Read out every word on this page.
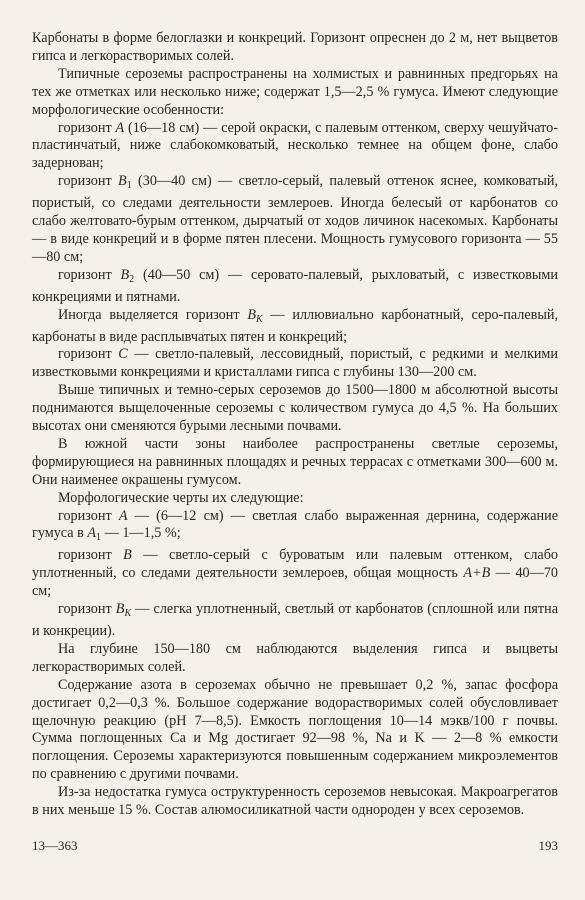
Карбонаты в форме белоглазки и конкреций. Горизонт опреснен до 2 м, нет выцветов гипса и легкорастворимых солей.

Типичные сероземы распространены на холмистых и равнинных предгорьях на тех же отметках или несколько ниже; содержат 1,5—2,5 % гумуса. Имеют следующие морфологические особенности:

горизонт A (16—18 см) — серой окраски, с палевым оттенком, сверху чешуйчато-пластинчатый, ниже слабокомковатый, несколько темнее на общем фоне, слабо задернован;

горизонт $B_1$ (30—40 см) — светло-серый, палевый оттенок яснее, комковатый, пористый, со следами деятельности землероев. Иногда белесый от карбонатов со слабо желтовато-бурым оттенком, дырчатый от ходов личинок насекомых. Карбонаты — в виде конкреций и в форме пятен плесени. Мощность гумусового горизонта — 55—80 см;

горизонт $B_2$ (40—50 см) — серовато-палевый, рыхловатый, с известковыми конкрециями и пятнами.

Иногда выделяется горизонт $B_K$ — иллювиально карбонатный, серо-палевый, карбонаты в виде расплывчатых пятен и конкреций;

горизонт C — светло-палевый, лессовидный, пористый, с редкими и мелкими известковыми конкрециями и кристаллами гипса с глубины 130—200 см.

Выше типичных и темно-серых сероземов до 1500—1800 м абсолютной высоты поднимаются выщелоченные сероземы с количеством гумуса до 4,5 %. На больших высотах они сменяются бурыми лесными почвами.

В южной части зоны наиболее распространены светлые сероземы, формирующиеся на равнинных площадях и речных террасах с отметками 300—600 м. Они наименее окрашены гумусом.

Морфологические черты их следующие:

горизонт A — (6—12 см) — светлая слабо выраженная дернина, содержание гумуса в $A_1$ — 1—1,5 %;

горизонт B — светло-серый с буроватым или палевым оттенком, слабо уплотненный, со следами деятельности землероев, общая мощность A+B — 40—70 см;

горизонт $B_K$ — слегка уплотненный, светлый от карбонатов (сплошной или пятна и конкреции).

На глубине 150—180 см наблюдаются выделения гипса и выцветы легкорастворимых солей.

Содержание азота в сероземах обычно не превышает 0,2 %, запас фосфора достигает 0,2—0,3 %. Большое содержание водорастворимых солей обусловливает щелочную реакцию (pH 7—8,5). Емкость поглощения 10—14 мэкв/100 г почвы. Сумма поглощенных Ca и Mg достигает 92—98 %, Na и K — 2—8 % емкости поглощения. Сероземы характеризуются повышенным содержанием микроэлементов по сравнению с другими почвами.

Из-за недостатка гумуса оструктуренность сероземов невысокая. Макроагрегатов в них меньше 15 %. Состав алюмосиликатной части однороден у всех сероземов.

13—363	193
